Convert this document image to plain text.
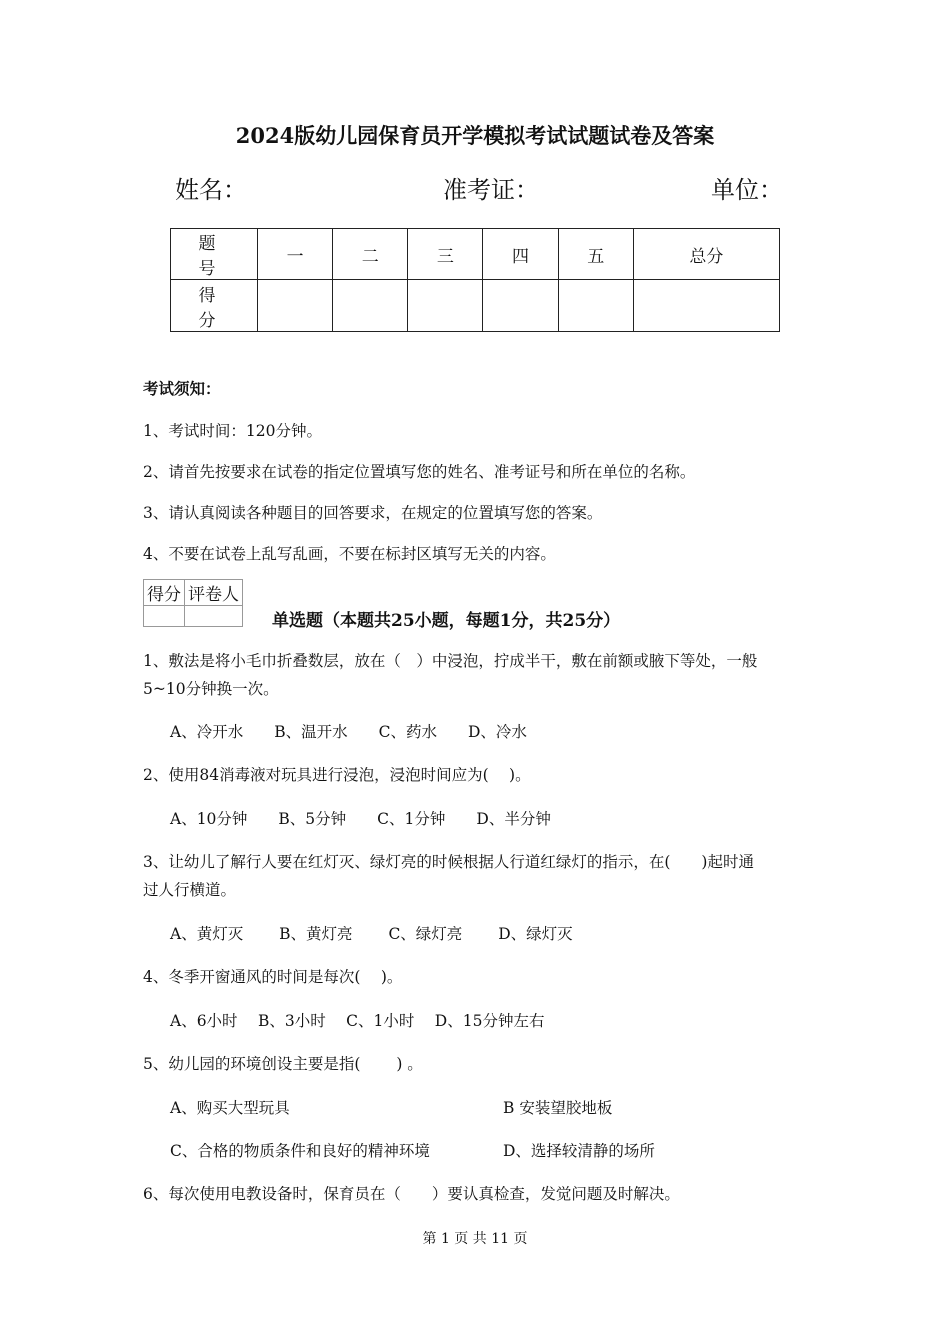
2024版幼儿园保育员开学模拟考试试题试卷及答案
姓名：	准考证：	单位：
题　号	一	二	三	四	五	总分
得　分						
考试须知：
1、考试时间：120分钟。
2、请首先按要求在试卷的指定位置填写您的姓名、准考证号和所在单位的名称。
3、请认真阅读各种题目的回答要求，在规定的位置填写您的答案。
4、不要在试卷上乱写乱画，不要在标封区填写无关的内容。
得分	评卷人

单选题（本题共25小题，每题1分，共25分）
1、敷法是将小毛巾折叠数层，放在（　）中浸泡，拧成半干，敷在前额或腋下等处，一般
5~10分钟换一次。
A、冷开水　　B、温开水　　C、药水　　D、冷水
2、使用84消毒液对玩具进行浸泡，浸泡时间应为(　 )。
A、10分钟　　B、5分钟　　C、1分钟　　D、半分钟
3、让幼儿了解行人要在红灯灭、绿灯亮的时候根据人行道红绿灯的指示，在(　　)起时通
过人行横道。
A、黄灯灭　　 B、黄灯亮　　 C、绿灯亮　　 D、绿灯灭
4、冬季开窗通风的时间是每次(　 )。
A、6小时　 B、3小时　 C、1小时　 D、15分钟左右
5、幼儿园的环境创设主要是指(　　 ) 。
A、购买大型玩具	B 安装望胶地板
C、合格的物质条件和良好的精神环境	D、选择较清静的场所
6、每次使用电教设备时，保育员在（　　）要认真检查，发觉问题及时解决。
第 1 页 共 11 页
